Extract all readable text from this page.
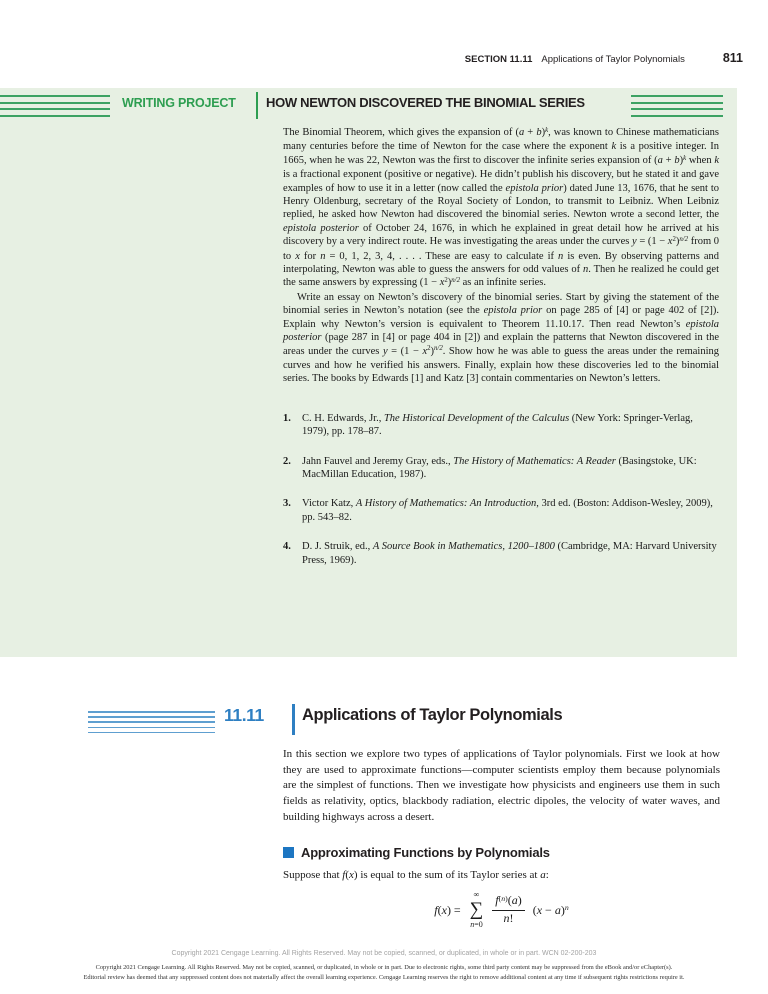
SECTION 11.11 Applications of Taylor Polynomials	811
WRITING PROJECT HOW NEWTON DISCOVERED THE BINOMIAL SERIES

The Binomial Theorem, which gives the expansion of $(a + b)^k$, was known to Chinese mathematicians many centuries before the time of Newton for the case where the exponent k is a positive integer. In 1665, when he was 22, Newton was the first to discover the infinite series expansion of $(a + b)^k$ when k is a fractional exponent (positive or negative). He didn’t publish his discovery, but he stated it and gave examples of how to use it in a letter (now called the epistola prior) dated June 13, 1676, that he sent to Henry Oldenburg, secretary of the Royal Society of London, to transmit to Leibniz. When Leibniz replied, he asked how Newton had discovered the binomial series. Newton wrote a second letter, the epistola posterior of October 24, 1676, in which he explained in great detail how he arrived at his discovery by a very indirect route. He was investigating the areas under the curves $y = (1 - x^2)^{n/2}$ from 0 to x for n = 0, 1, 2, 3, 4, . . . . These are easy to calculate if n is even. By observing patterns and interpolating, Newton was able to guess the answers for odd values of n. Then he realized he could get the same answers by expressing $(1 - x^2)^{n/2}$ as an infinite series.

Write an essay on Newton’s discovery of the binomial series. Start by giving the statement of the binomial series in Newton’s notation (see the epistola prior on page 285 of [4] or page 402 of [2]). Explain why Newton’s version is equivalent to Theorem 11.10.17. Then read Newton’s epistola posterior (page 287 in [4] or page 404 in [2]) and explain the patterns that Newton discovered in the areas under the curves $y = (1 - x^2)^{n/2}$. Show how he was able to guess the areas under the remaining curves and how he verified his answers. Finally, explain how these discoveries led to the binomial series. The books by Edwards [1] and Katz [3] contain commentaries on Newton’s letters.

1.	C. H. Edwards, Jr., The Historical Development of the Calculus (New York: Springer-Verlag, 1979), pp. 178–87.
2.	Jahn Fauvel and Jeremy Gray, eds., The History of Mathematics: A Reader (Basingstoke, UK: MacMillan Education, 1987).
3.	Victor Katz, A History of Mathematics: An Introduction, 3rd ed. (Boston: Addison-Wesley, 2009), pp. 543–82.
4.	D. J. Struik, ed., A Source Book in Mathematics, 1200–1800 (Cambridge, MA: Harvard University Press, 1969).
11.11 Applications of Taylor Polynomials
In this section we explore two types of applications of Taylor polynomials. First we look at how they are used to approximate functions—computer scientists employ them because polynomials are the simplest of functions. Then we investigate how physicists and engineers use them in such fields as relativity, optics, blackbody radiation, electric dipoles, the velocity of water waves, and building highways across a desert.
Approximating Functions by Polynomials
Suppose that f(x) is equal to the sum of its Taylor series at a:
f(x) =
∞
∑
$n=0 \frac{f^{(n)}(a)}{n!} (x - a)^n$
Copyright 2021 Cengage Learning. All Rights Reserved. May not be copied, scanned, or duplicated, in whole or in part. WCN 02-200-203
Copyright 2021 Cengage Learning. All Rights Reserved. May not be copied, scanned, or duplicated, in whole or in part. Due to electronic rights, some third party content may be suppressed from the eBook and/or eChapter(s).
Editorial review has deemed that any suppressed content does not materially affect the overall learning experience. Cengage Learning reserves the right to remove additional content at any time if subsequent rights restrictions require it.
